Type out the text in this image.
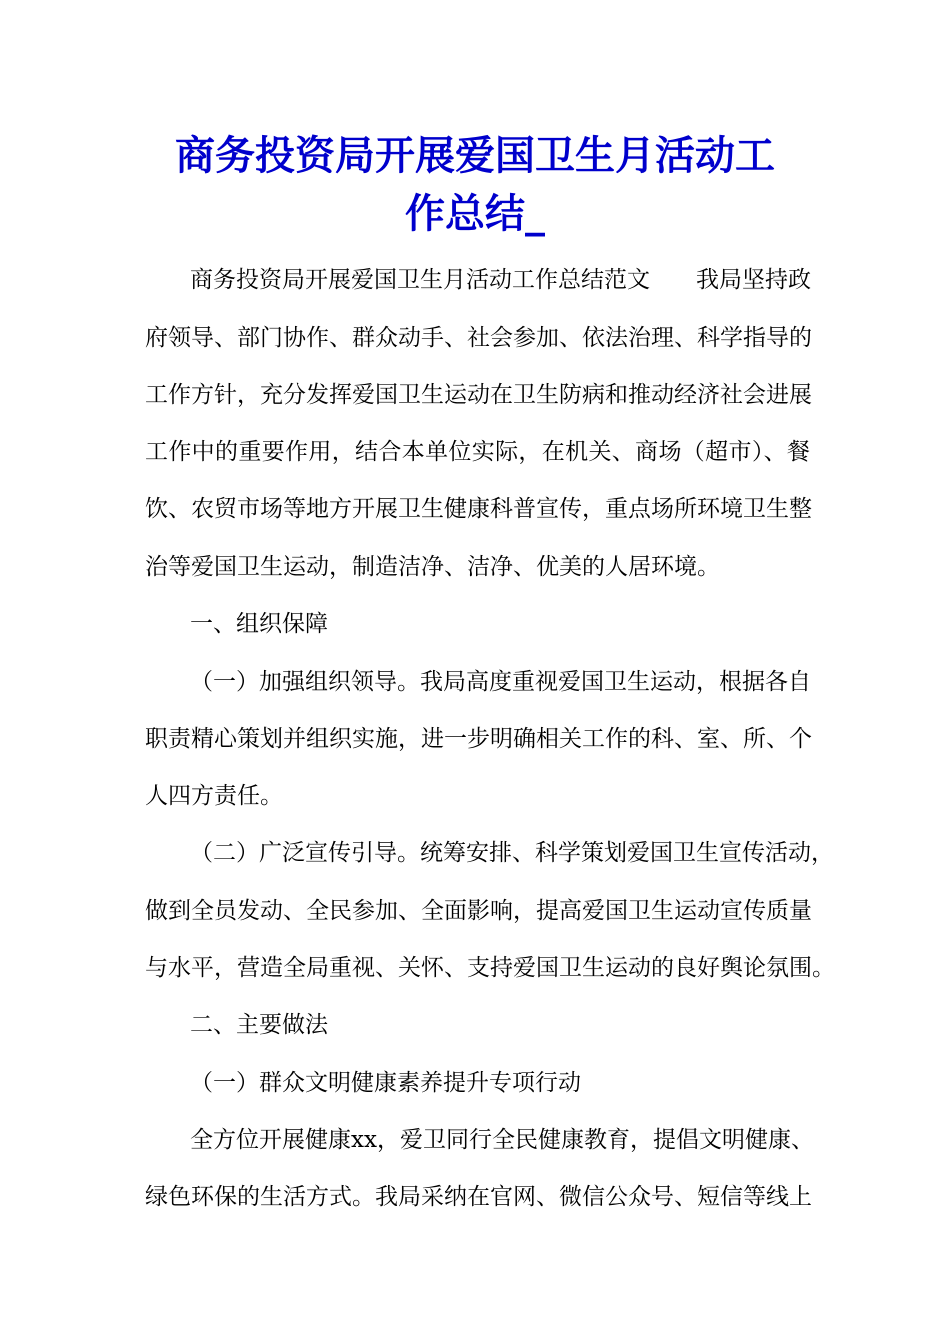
商务投资局开展爱国卫生月活动工
作总结_
商务投资局开展爱国卫生月活动工作总结范文　　我局坚持政
府领导、部门协作、群众动手、社会参加、依法治理、科学指导的
工作方针，充分发挥爱国卫生运动在卫生防病和推动经济社会进展
工作中的重要作用，结合本单位实际，在机关、商场（超市）、餐
饮、农贸市场等地方开展卫生健康科普宣传，重点场所环境卫生整
治等爱国卫生运动，制造洁净、洁净、优美的人居环境。
一、组织保障
（一）加强组织领导。我局高度重视爱国卫生运动，根据各自
职责精心策划并组织实施，进一步明确相关工作的科、室、所、个
人四方责任。
（二）广泛宣传引导。统筹安排、科学策划爱国卫生宣传活动，
做到全员发动、全民参加、全面影响，提高爱国卫生运动宣传质量
与水平，营造全局重视、关怀、支持爱国卫生运动的良好舆论氛围。
二、主要做法
（一）群众文明健康素养提升专项行动
全方位开展健康xx，爱卫同行全民健康教育，提倡文明健康、
绿色环保的生活方式。我局采纳在官网、微信公众号、短信等线上
